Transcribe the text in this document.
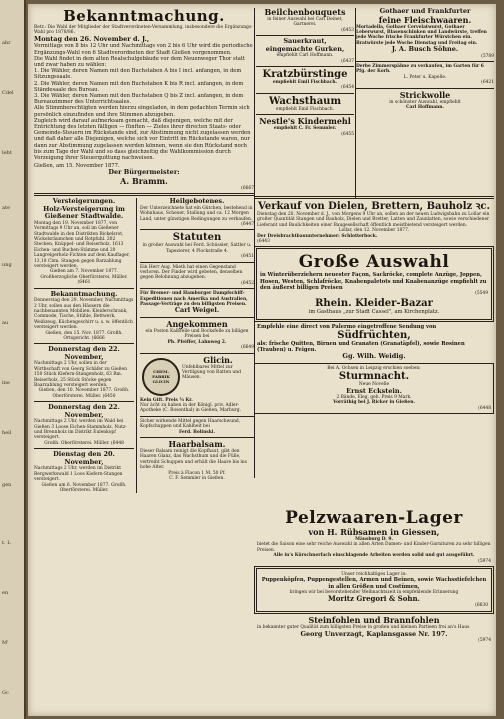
ahr
Cdel
lebt
ate
ung
au
ine
heil
gen
t. L
en
M'
Gc
Bekanntmachung.

Betr.: Die Wahl der Mitglieder der Stadtverordneten-Versammlung, insbesondere die Ergänzungs-Wahl pro 1878/86.

Montag den 26. November d. J.,

Vormittags von 8 bis 12 Uhr und Nachmittags von 2 bis 6 Uhr wird die periodische Ergänzungs-Wahl von 6 Stadtverordneten der Stadt Gießen vorgenommen.

Die Wahl findet in dem alten Realschulgebäude vor dem Neuenweger Thor statt und zwar haben zu wählen:

1. Die Wähler, deren Namen mit den Buchstaben A bis I incl. anfangen, in dem Sitzungssaale.

2. Die Wähler, deren Namen mit den Buchstaben K bis R incl. anfangen, in dem Ständesaale des Bureau.

3. Die Wähler, deren Namen mit den Buchstaben Q bis Z incl. anfangen, in dem Bureauzimmer des Unterrichtsaales.

Alle Stimmberechtigten werden hierzu eingeladen, in dem gedachten Termin sich persönlich einzufinden und ihre Stimmen abzugeben.

Zugleich wird darauf aufmerksam gemacht, daß diejenigen, welche mit der Entrichtung des letzten fälligen — fünften — Zieles ihrer directen Staats- oder Gemeinde-Steuern im Rückstande sind, zur Abstimmung nicht zugelassen werden und daß daher alle Diejenigen, welche sich vor Eintritt im Rückstande waren, nur dann zur Abstimmung zugelassen werden können, wenn sie den Rückstand noch bis zum Tage der Wahl und so dass gleichzeitig die Wahlkommission durch Vorzeigung ihrer Steuerquittung nachweisen.

Gießen, am 15. November 1877.

Der Bürgermeister:

A. Bramm.

(6667

Versteigerungen.

Holz-Versteigerung im Gießener Stadtwalde.

Montag den 19. November 1877, von Vormittags 9 Uhr an, soll im Gießener Stadtwalde in den Distrikten Bickelsrot, Wickelsräumchen und Rotpfuhl. 202 Stecken, Knüppel- und Reiserholz, 1613 Eichen- und Buchen-Stämme und 20 Langrelgerholz-Fichten auf dem Kauflager, 13,18 Cbm. Stangen gegen Barzahlung versteigert werden.

Gießen am 7. November 1877. Großherzogliche Oberförsterei. Müller. (6461

Bekanntmachung.

Donnerstag den 29. November, Nachmittags 2 Uhr, sollen aus den Häusern die nachbenannten Mobilien: Kleiderschrank, Commode, Tische, Stühle, Bettwerk, Weißzeug, Küchengeschirr u. s. w. öffentlich versteigert werden.

Gießen, den 15. Nov. 1877. Großh. Ortsgericht. (6666

Donnerstag den 22. November,

Nachmittags 2 Uhr, sollen in der Wirthschaft von Georg Schäfer zu Gießen 150 Stück Kiefern-Stangenholz, 63 Rm. Reiserholz, 25 Stück Stöcke gegen Baarzahlung versteigert werden.

Gießen, den 10. November 1877. Großh. Oberförsterei. Müller. (6450

Donnerstag den 22. November,

Nachmittags 2 Uhr, werden im Wald bei Gießen 3 Loose Eichen-Stammholz, Nutz- und Brennholz im Distrikt Eulenkopf versteigert.

Großh. Oberförsterei. Müller. (6448

Dienstag den 20. November,

Nachmittags 2 Uhr, werden im Distrikt Bergwerkswald 1 Loos Kiefern-Stangen versteigert.

Gießen am 6. November 1877. Großh. Oberförsterei. Müller.

Heilgebotenes.

Der Unterzeichnete hat ein Gütchen, bestehend in Wohnhaus, Scheuer, Stallung und ca. 12 Morgen Land, unter günstigen Bedingungen zu verkaufen.

(6447

Statuten

in großer Auswahl bei Ferd. Schüssler, Sattler u. Tapezierer, 4 Plockstraße 4.

(6451

Ein Herr Aug. Mieth hat einen Gegenstand verloren. Der Finder wird gebeten, denselben gegen Belohnung abzugeben.

(6452

Für Bremer- und Hamburger Dampfschiff-Expeditionen nach Amerika und Australien, Passage-Verträge zu den billigsten Preisen.

Carl Weigel.

Angekommen

ein Posten Kalbfelle und Bocksfelle zu billigen Preisen bei

Ph. Pfeiffer, Lahnweg 2.

(6649

CHEM. FABRIK GLICIN

Glicin.

Unfehlbares Mittel zur Vertilgung von Ratten und Mäusen.

Kein Gift. Preis ¼ Kr.

Nur ächt zu haben in der Königl. priv. Adler-Apotheke (C. Rosenthal) in Gießen, Marburg.

Sicher wirkende Mittel gegen Haarschwund, Kopfschuppen und Kahlheit bei

Ferd. Bolinski.

Haarbalsam.

Dieser Balsam reinigt die Kopfhaut, gibt den Haaren Glanz, das Wachsthum und die Fülle, vertreibt Schuppen und erhält die Haare bis ins hohe Alter.

Preis à Flacon 1 M. 50 Pf.

C. F. Semmler in Gießen.

Beilchenbouquets

in feiner Auswahl bei Carl Deinet, Gartnerei.

(6453

Sauerkraut,

eingemachte Gurken,

empfiehlt Carl Hoffmann.

(6437

Kratzbürstinge

empfiehlt Emil Fischbach.

(6454

Wachsthaum

empfiehlt Emil Fischbach.

Nestle's Kindermehl

empfiehlt C. Fr. Semmler.

(6455

Gothaer und Frankfurter

feine Fleischwaaren.

Mortadella, Gothaer Cervelatwurst, Gothaer Leberwurst, Blasenschinken und Landwürste, treffen jede Woche frische Frankfurter Würstchen ein. Bratwürste jede Woche Dienstag und Freitag ein.

J. A. Busch Söhne.

(5789

Derbe Zimmerspähne zu verkaufen, im Garten für 6 Pfg. der Korb.

L. Peter u. Kapelle.

(6421

Strickwolle

in schönster Auswahl, empfiehlt

Carl Hoffmann.

Verkauf von Dielen, Brettern, Bauholz ꝛc.

Dienstag den 20. November d. J., von Morgens 9 Uhr an, sollen an der neuen Ludwigsbahn zu Lollar ein großer Quantität Stangen und Bauholz, Dielen und Bretter, Latten und Zaunlatten, sowie verschiedener Lieferant und Baulichkeiten einer Baugesellschaft öffentlich meistbietend versteigert werden.

Lollar, den 12. November 1877.

Der Dreisbrachtbauunternehmer: Schlotterbock.

(6443

Große Auswahl

in Winterüberziehern neuester Façon, Sackröcke, complete Anzüge, Joppen, Hosen, Westen, Schlafröcke, Knabenpaletots und Knabenanzüge empfiehlt zu den äußerst billigen Preisen

(5549

Rhein. Kleider-Bazar

im Gasthaus „zur Stadt Cassel", am Kirchenplatz.

Empfehle eine direct von Palermo eingetroffene Sendung von

Südfrüchten,

als: frische Quitten, Birnen und Granaten (Granatäpfel), sowie Rosinen (Trauben) u. Feigen.

Gg. Wilh. Weidig.

Bei A. Ochsen in Leipzig erschien soeben:

Sturmnacht.

Neue Novelle

Ernst Eckstein.

2 Bände, Eleg. geh. Preis 9 Mark.

Vorräthig bei J. Ricker in Gießen.

(6448

Pelzwaaren-Lager

von H. Rübsamen in Giessen,

Mäusburg D. 9.

bietet die Saison eine sehr reiche Auswahl in allen Arten Damen- und Kinder-Garnituren zu sehr billigen Preisen.

Alle in's Kürschnerfach einschlagende Arbeiten werden solid und gut ausgeführt.

(5974

Unser reichhaltiges Lager in:

Puppenköpfen, Puppengestellen, Armen und Beinen, sowie Wachsstiefelchen in allen Größen und Costümen,

bringen wir bei bevorstehender Weihnachtszeit in empfehlende Erinnerung

Moritz Gregori & Sohn.

(6630

Steinfohlen und Brannfohlen

in bekannter guter Qualität zum billigsten Preise in großen und kleinen Partieen frei an's Haus

Georg Unverzagt, Kaplansgasse Nr. 197.

(5974
